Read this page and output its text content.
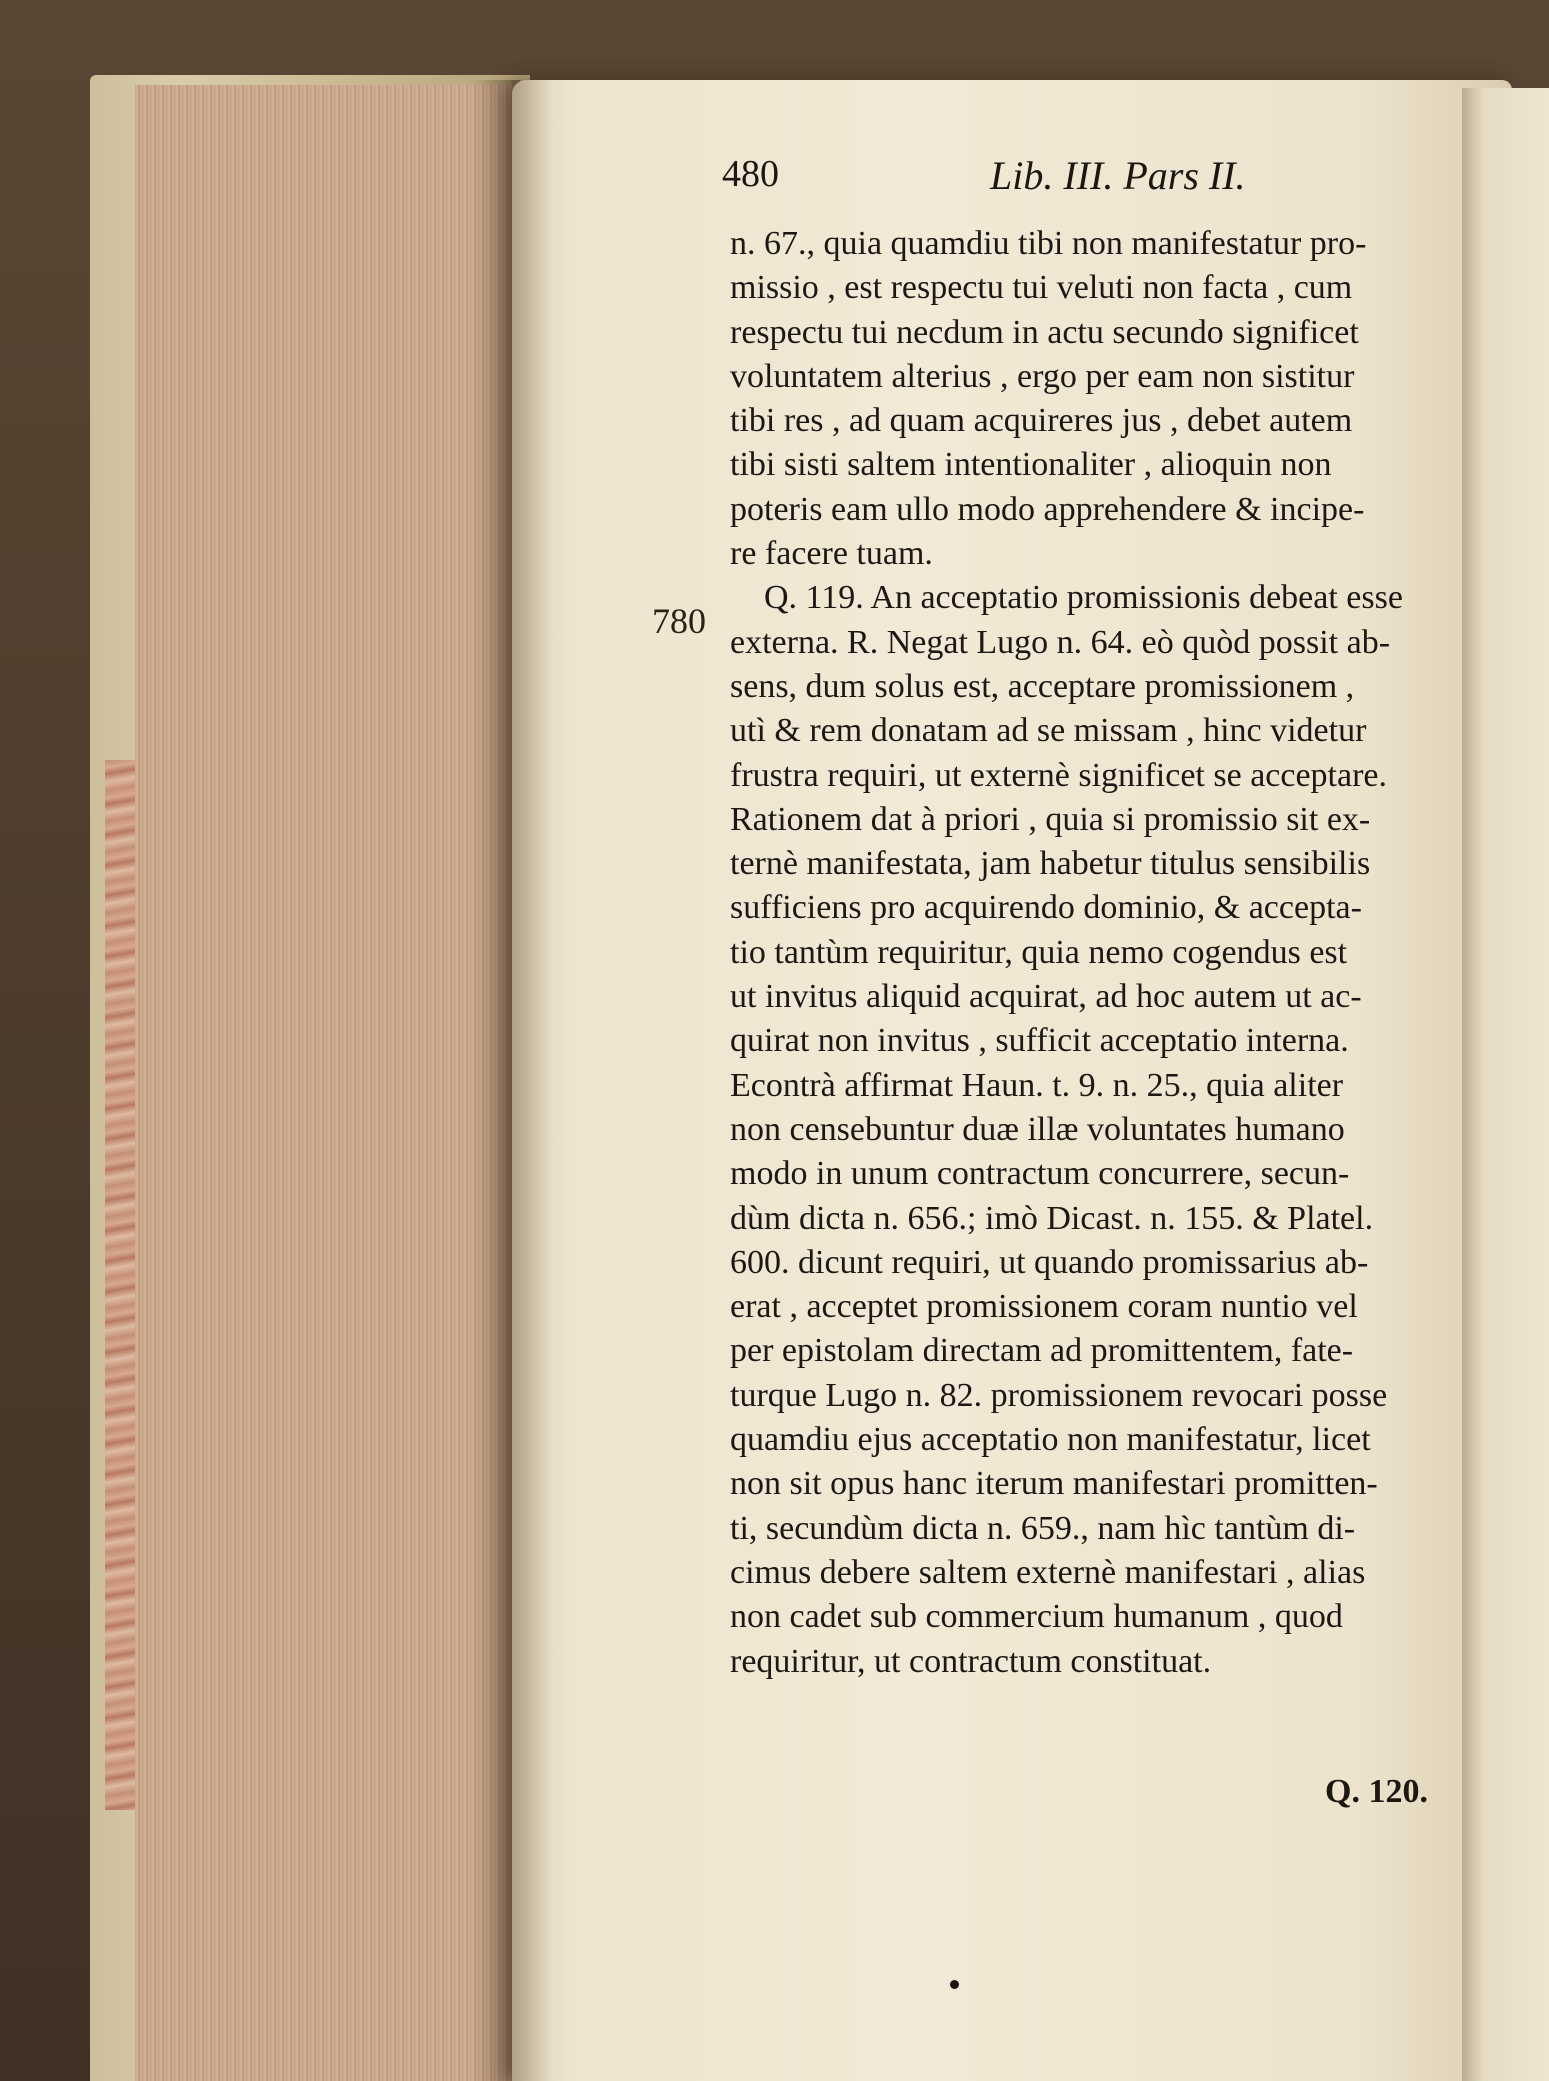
480	Lib. III. Pars II.
780
n. 67., quia quamdiu tibi non manifestatur pro-
missio , est respectu tui veluti non facta , cum
respectu tui necdum in actu secundo significet
voluntatem alterius , ergo per eam non sistitur
tibi res , ad quam acquireres jus , debet autem
tibi sisti saltem intentionaliter , alioquin non
poteris eam ullo modo apprehendere & incipe-
re facere tuam.
Q. 119. An acceptatio promissionis debeat esse
externa. R. Negat Lugo n. 64. eò quòd possit ab-
sens, dum solus est, acceptare promissionem ,
utì & rem donatam ad se missam , hinc videtur
frustra requiri, ut externè significet se acceptare.
Rationem dat à priori , quia si promissio sit ex-
ternè manifestata, jam habetur titulus sensibilis
sufficiens pro acquirendo dominio, & accepta-
tio tantùm requiritur, quia nemo cogendus est
ut invitus aliquid acquirat, ad hoc autem ut ac-
quirat non invitus , sufficit acceptatio interna.
Econtrà affirmat Haun. t. 9. n. 25., quia aliter
non censebuntur duæ illæ voluntates humano
modo in unum contractum concurrere, secun-
dùm dicta n. 656.; imò Dicast. n. 155. & Platel.
600. dicunt requiri, ut quando promissarius ab-
erat , acceptet promissionem coram nuntio vel
per epistolam directam ad promittentem, fate-
turque Lugo n. 82. promissionem revocari posse
quamdiu ejus acceptatio non manifestatur, licet
non sit opus hanc iterum manifestari promitten-
ti, secundùm dicta n. 659., nam hìc tantùm di-
cimus debere saltem externè manifestari , alias
non cadet sub commercium humanum , quod
requiritur, ut contractum constituat.
Q. 120.
